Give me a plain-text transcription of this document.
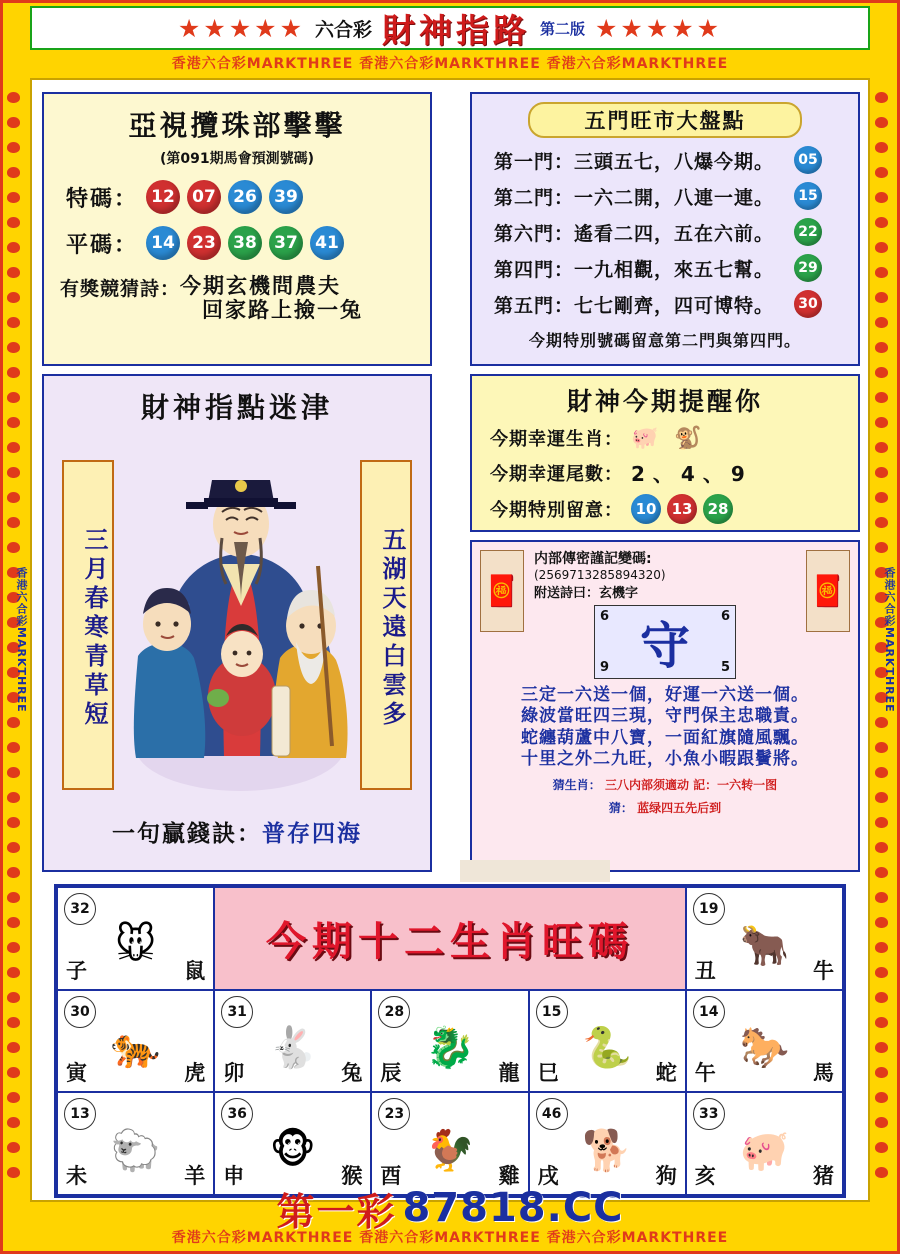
香港六合彩MARKTHREE	香港六合彩MARKTHREE
★★★★★ 六合彩 財神指路 第二版 ★★★★★
香港六合彩MARKTHREE 香港六合彩MARKTHREE 香港六合彩MARKTHREE
香港六合彩MARKTHREE 香港六合彩MARKTHREE 香港六合彩MARKTHREE
亞視攬珠部擊擊
(第091期馬會預測號碼)
特碼： 12	07	26	39
平碼： 14	23	38	37	41
有獎競猜詩： 今期玄機問農夫
回家路上撿一兔
五門旺市大盤點
第一門：三頭五七，八爆今期。	05
第二門：一六二開，八連一連。	15
第六門：遙看二四，五在六前。	22
第四門：一九相觀，來五七幫。	29
第五門：七七剛齊，四可博特。	30
今期特別號碼留意第二門與第四門。
財神指點迷津
三月春寒青草短	五湖天遠白雲多
一句贏錢訣：普存四海
財神今期提醒你
今期幸運生肖： 🐖 🐒
今期幸運尾數： 2、4、9
今期特別留意： 10	13	28
🧧	🧧
内部傳密謹記變碼:
(2569713285894320)
附送詩曰：玄機字
6	6
9	5
守
三定一六送一個，好運一六送一個。
綠波當旺四三現，守門保主忠職責。
蛇纏葫蘆中八寶，一面紅旗隨風飄。
十里之外二九旺，小魚小暇跟鬢將。
猜生肖： 三八内部须適动 記：一六转一图
猜： 蓝绿四五先后到
32
🐭
子	鼠
今期十二生肖旺碼
19
🐂
丑	牛
30
🐅
寅	虎
31
🐇
卯	兔
28
🐉
辰	龍
15
🐍
巳	蛇
14
🐎
午	馬
13
🐑
未	羊
36
🐵
申	猴
23
🐓
酉	雞
46
🐕
戌	狗
33
🐖
亥	猪
第一彩 87818.CC
